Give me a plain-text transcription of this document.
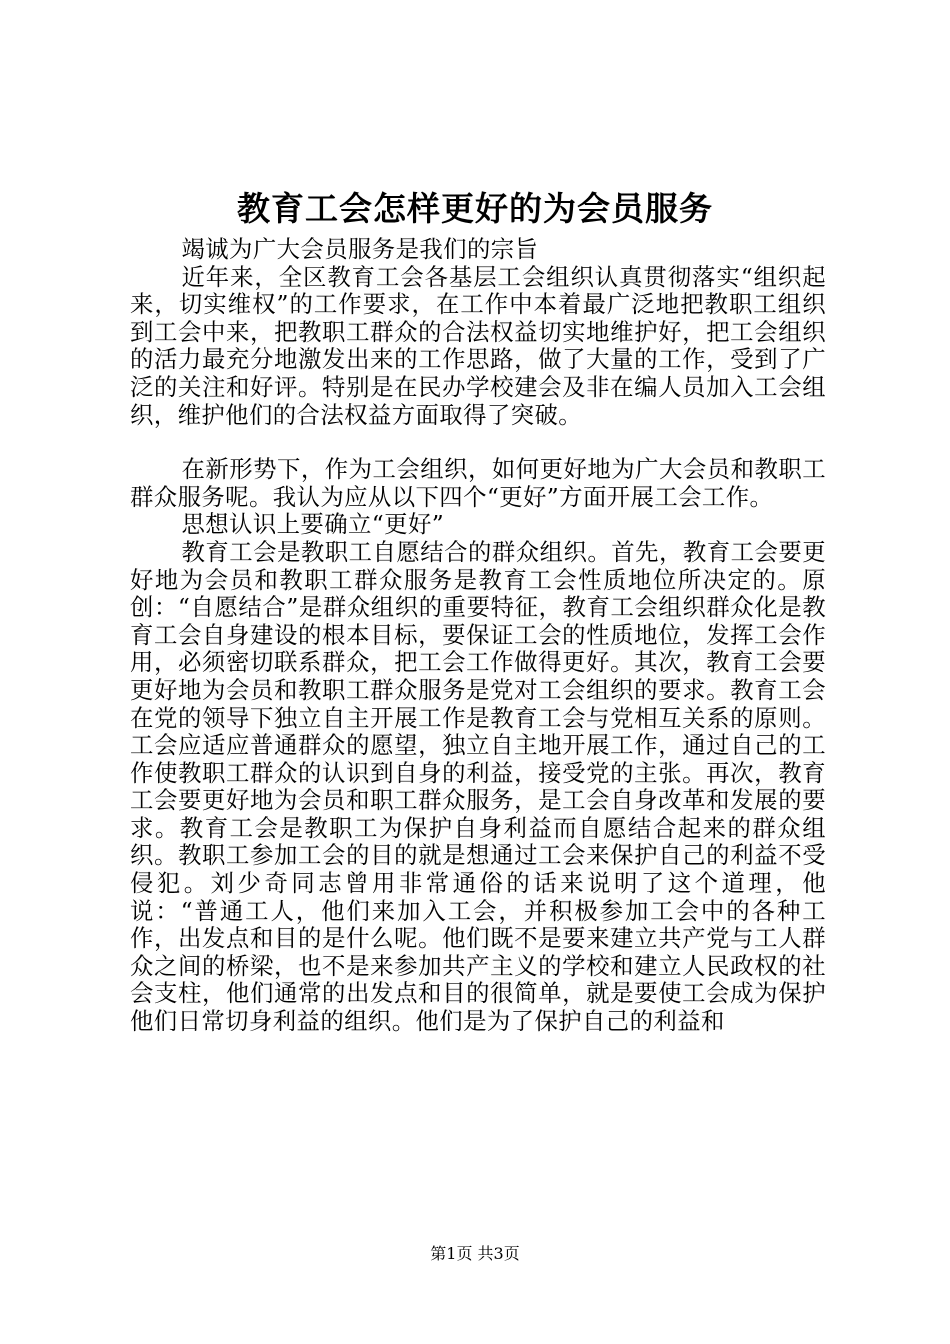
教育工会怎样更好的为会员服务

竭诚为广大会员服务是我们的宗旨

近年来，全区教育工会各基层工会组织认真贯彻落实“组织起来，切实维权”的工作要求，在工作中本着最广泛地把教职工组织到工会中来，把教职工群众的合法权益切实地维护好，把工会组织的活力最充分地激发出来的工作思路，做了大量的工作，受到了广泛的关注和好评。特别是在民办学校建会及非在编人员加入工会组织，维护他们的合法权益方面取得了突破。

在新形势下，作为工会组织，如何更好地为广大会员和教职工群众服务呢。我认为应从以下四个“更好”方面开展工会工作。

思想认识上要确立“更好”

教育工会是教职工自愿结合的群众组织。首先，教育工会要更好地为会员和教职工群众服务是教育工会性质地位所决定的。原创：“自愿结合”是群众组织的重要特征，教育工会组织群众化是教育工会自身建设的根本目标，要保证工会的性质地位，发挥工会作用，必须密切联系群众，把工会工作做得更好。其次，教育工会要更好地为会员和教职工群众服务是党对工会组织的要求。教育工会在党的领导下独立自主开展工作是教育工会与党相互关系的原则。工会应适应普通群众的愿望，独立自主地开展工作，通过自己的工作使教职工群众的认识到自身的利益，接受党的主张。再次，教育工会要更好地为会员和职工群众服务，是工会自身改革和发展的要求。教育工会是教职工为保护自身利益而自愿结合起来的群众组织。教职工参加工会的目的就是想通过工会来保护自己的利益不受侵犯。刘少奇同志曾用非常通俗的话来说明了这个道理，他说：“普通工人，他们来加入工会，并积极参加工会中的各种工作，出发点和目的是什么呢。他们既不是要来建立共产党与工人群众之间的桥梁，也不是来参加共产主义的学校和建立人民政权的社会支柱，他们通常的出发点和目的很简单，就是要使工会成为保护他们日常切身利益的组织。他们是为了保护自己的利益和

第1页 共3页
